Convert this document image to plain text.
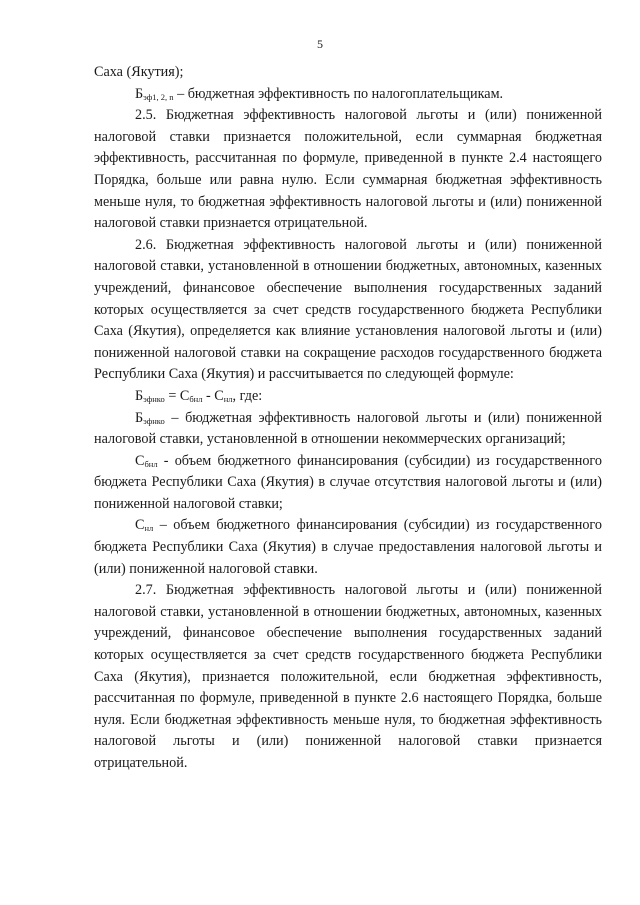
5

Саха (Якутия);

$Б_{эф1, 2, n}$ – бюджетная эффективность по налогоплательщикам.

2.5. Бюджетная эффективность налоговой льготы и (или) пониженной налоговой ставки признается положительной, если суммарная бюджетная эффективность, рассчитанная по формуле, приведенной в пункте 2.4 настоящего Порядка, больше или равна нулю. Если суммарная бюджетная эффективность меньше нуля, то бюджетная эффективность налоговой льготы и (или) пониженной налоговой ставки признается отрицательной.

2.6. Бюджетная эффективность налоговой льготы и (или) пониженной налоговой ставки, установленной в отношении бюджетных, автономных, казенных учреждений, финансовое обеспечение выполнения государственных заданий которых осуществляется за счет средств государственного бюджета Республики Саха (Якутия), определяется как влияние установления налоговой льготы и (или) пониженной налоговой ставки на сокращение расходов государственного бюджета Республики Саха (Якутия) и рассчитывается по следующей формуле:

$Б_{эфнко} = С_{бнл} - С_{нл}$, где:

$Б_{эфнко}$ – бюджетная эффективность налоговой льготы и (или) пониженной налоговой ставки, установленной в отношении некоммерческих организаций;

$С_{бнл}$ - объем бюджетного финансирования (субсидии) из государственного бюджета Республики Саха (Якутия) в случае отсутствия налоговой льготы и (или) пониженной налоговой ставки;

$С_{нл}$ – объем бюджетного финансирования (субсидии) из государственного бюджета Республики Саха (Якутия) в случае предоставления налоговой льготы и (или) пониженной налоговой ставки.

2.7. Бюджетная эффективность налоговой льготы и (или) пониженной налоговой ставки, установленной в отношении бюджетных, автономных, казенных учреждений, финансовое обеспечение выполнения государственных заданий которых осуществляется за счет средств государственного бюджета Республики Саха (Якутия), признается положительной, если бюджетная эффективность, рассчитанная по формуле, приведенной в пункте 2.6 настоящего Порядка, больше нуля. Если бюджетная эффективность меньше нуля, то бюджетная эффективность налоговой льготы и (или) пониженной налоговой ставки признается отрицательной.
